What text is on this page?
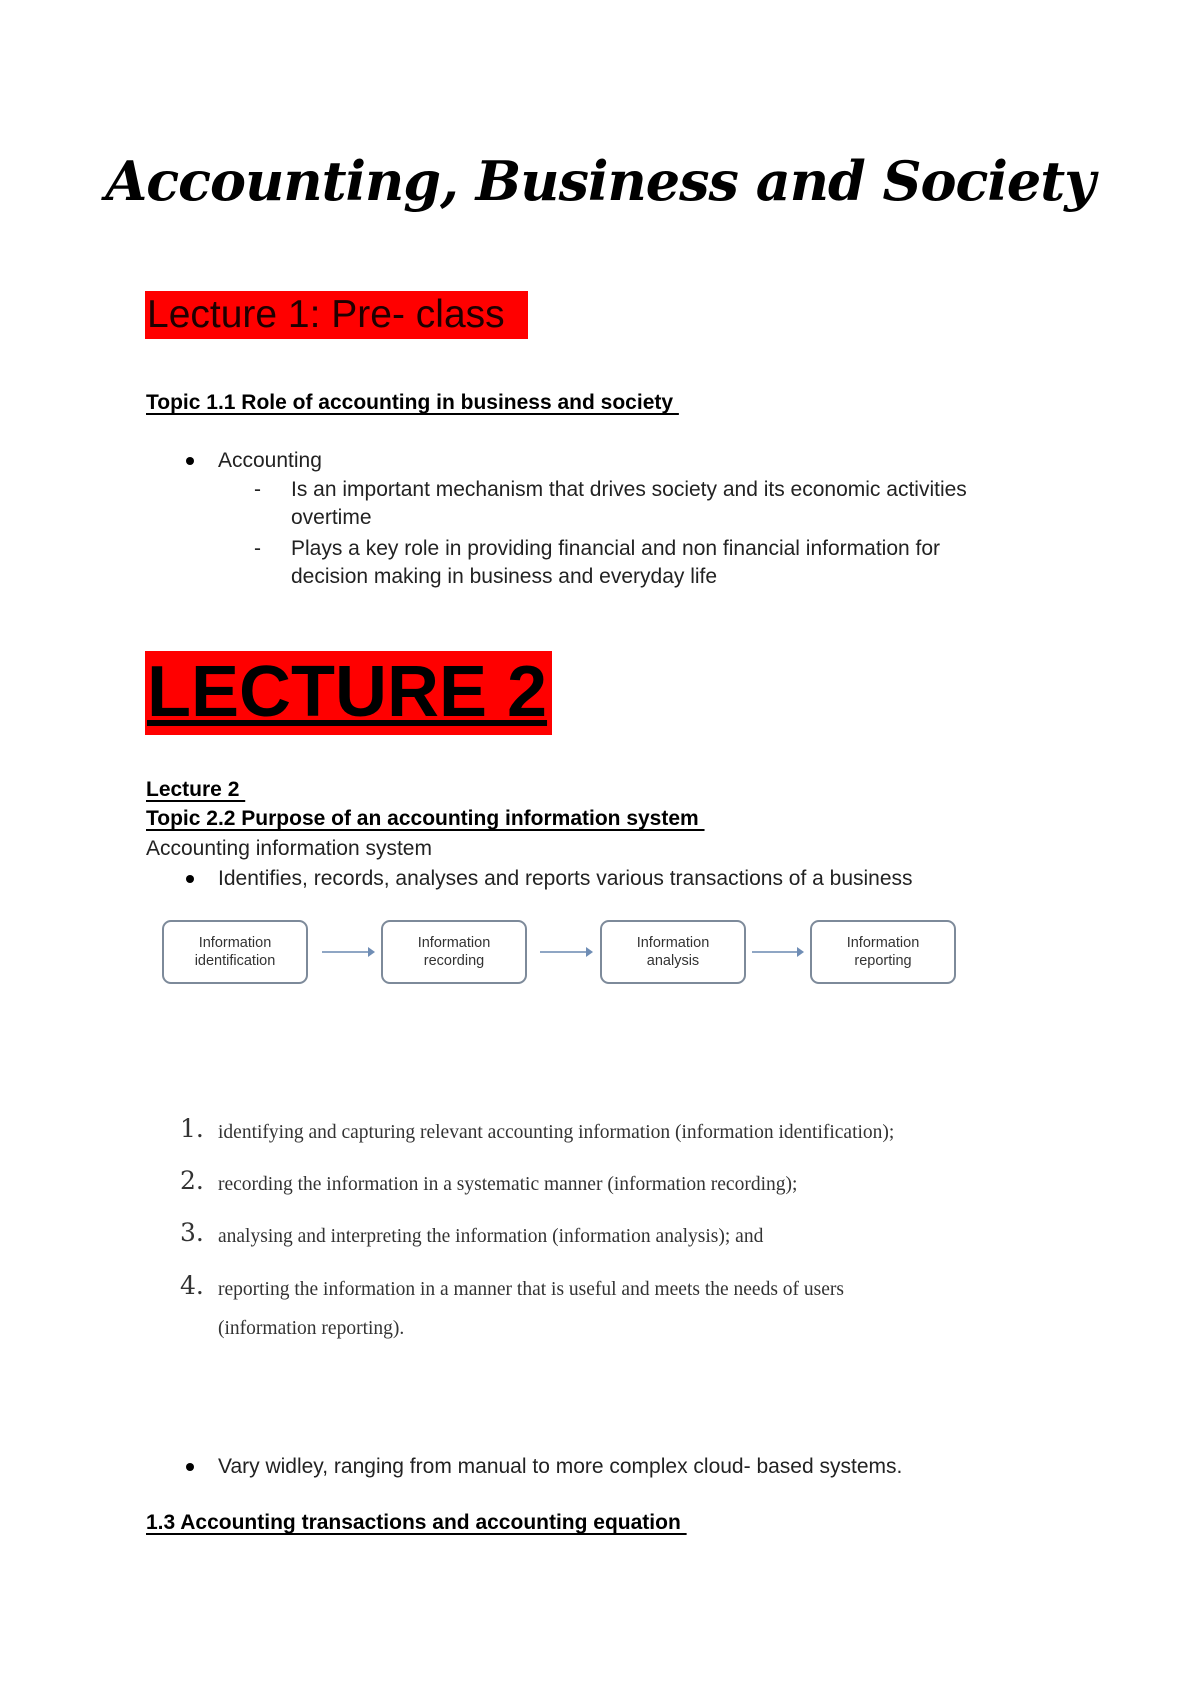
Accounting, Business and Society
Lecture 1: Pre- class
Topic 1.1 Role of accounting in business and society
Accounting
- Is an important mechanism that drives society and its economic activities
overtime
- Plays a key role in providing financial and non financial information for
decision making in business and everyday life
LECTURE 2
Lecture 2
Topic 2.2 Purpose of an accounting information system
Accounting information system
Identifies, records, analyses and reports various transactions of a business
Information
identification
Information
recording
Information
analysis
Information
reporting
1. identifying and capturing relevant accounting information (information identification);
2. recording the information in a systematic manner (information recording);
3. analysing and interpreting the information (information analysis); and
4. reporting the information in a manner that is useful and meets the needs of users
(information reporting).
Vary widley, ranging from manual to more complex cloud- based systems.
1.3 Accounting transactions and accounting equation
